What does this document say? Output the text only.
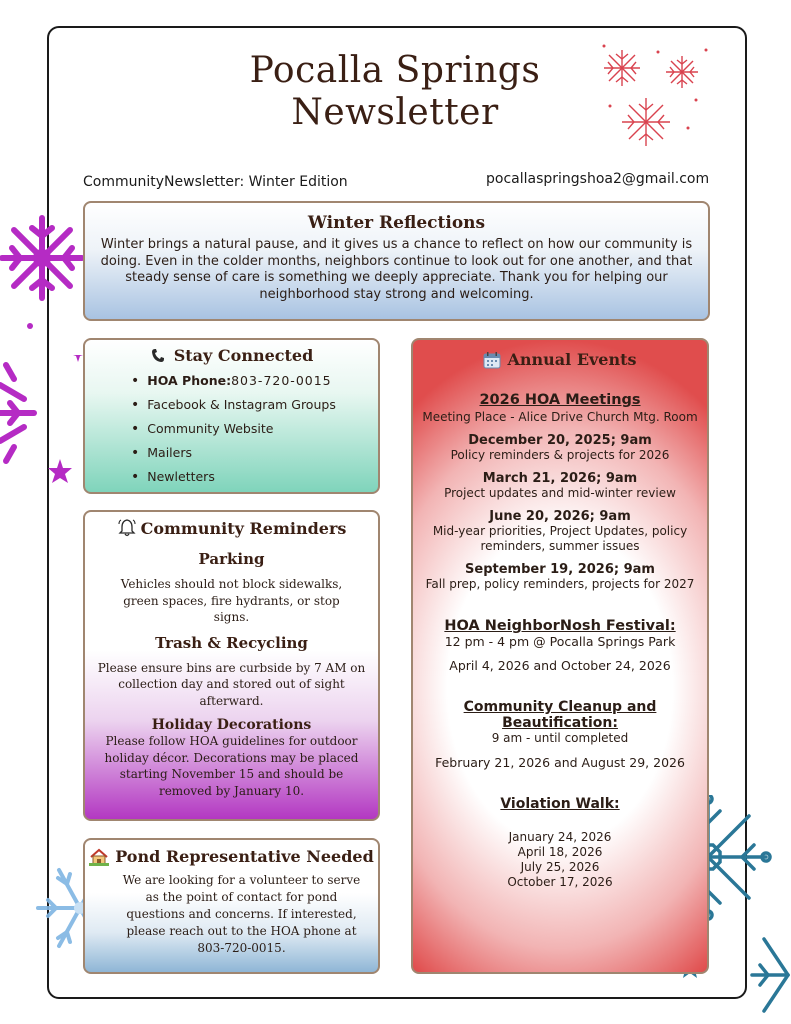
Pocalla Springs
Newsletter
CommunityNewsletter: Winter Edition	pocallaspringshoa2@gmail.com
Winter Reflections

Winter brings a natural pause, and it gives us a chance to reflect on how our community is doing. Even in the colder months, neighbors continue to look out for one another, and that steady sense of care is something we deeply appreciate. Thank you for helping our neighborhood stay strong and welcoming.

Stay Connected
• HOA Phone: 803-720-0015
• Facebook & Instagram Groups
• Community Website
• Mailers
• Newletters
Community Reminders
Parking

Vehicles should not block sidewalks, green spaces, fire hydrants, or stop signs.

Trash & Recycling

Please ensure bins are curbside by 7 AM on collection day and stored out of sight afterward.

Holiday Decorations

Please follow HOA guidelines for outdoor holiday décor. Decorations may be placed starting November 15 and should be removed by January 10.

Pond Representative Needed

We are looking for a volunteer to serve as the point of contact for pond questions and concerns. If interested, please reach out to the HOA phone at 803-720-0015.

Annual Events
2026 HOA Meetings
Meeting Place - Alice Drive Church Mtg. Room
December 20, 2025; 9am
Policy reminders & projects for 2026
March 21, 2026; 9am
Project updates and mid-winter review
June 20, 2026; 9am
Mid-year priorities, Project Updates, policy reminders, summer issues
September 19, 2026; 9am
Fall prep, policy reminders, projects for 2027
HOA NeighborNosh Festival:
12 pm - 4 pm @ Pocalla Springs Park
April 4, 2026 and October 24, 2026
Community Cleanup and Beautification:
9 am - until completed
February 21, 2026 and August 29, 2026
Violation Walk:
January 24, 2026
April 18, 2026
July 25, 2026
October 17, 2026
